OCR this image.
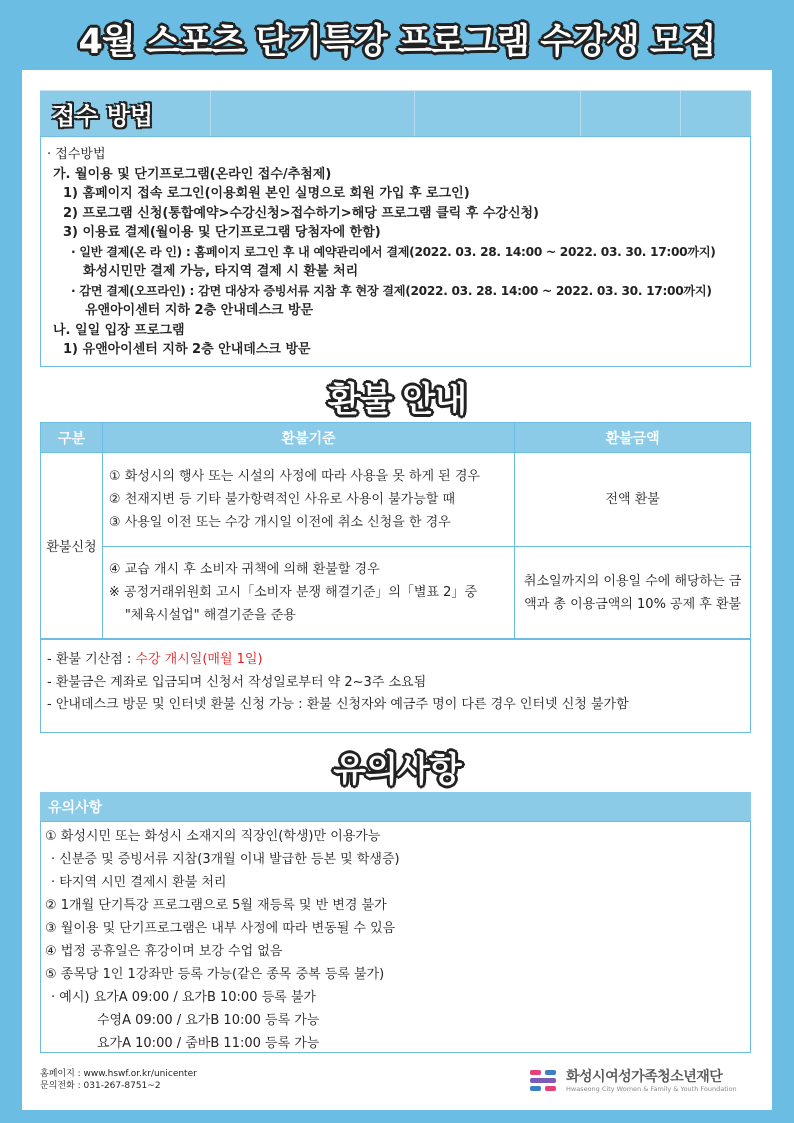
4월 스포츠 단기특강 프로그램 수강생 모집
접수 방법
· 접수방법
가. 월이용 및 단기프로그램(온라인 접수/추첨제)
1) 홈페이지 접속 로그인(이용회원 본인 실명으로 회원 가입 후 로그인)
2) 프로그램 신청(통합예약>수강신청>접수하기>해당 프로그램 클릭 후 수강신청)
3) 이용료 결제(월이용 및 단기프로그램 당첨자에 한함)
· 일반 결제(온 라 인) : 홈페이지 로그인 후 내 예약관리에서 결제(2022. 03. 28. 14:00 ~ 2022. 03. 30. 17:00까지)
화성시민만 결제 가능, 타지역 결제 시 환불 처리
· 감면 결제(오프라인) : 감면 대상자 증빙서류 지참 후 현장 결제(2022. 03. 28. 14:00 ~ 2022. 03. 30. 17:00까지)
유앤아이센터 지하 2층 안내데스크 방문
나. 일일 입장 프로그램
1) 유앤아이센터 지하 2층 안내데스크 방문
환불 안내
구분	환불기준	환불금액
환불신청	① 화성시의 행사 또는 시설의 사정에 따라 사용을 못 하게 된 경우
② 천재지변 등 기타 불가항력적인 사유로 사용이 불가능할 때
③ 사용일 이전 또는 수강 개시일 이전에 취소 신청을 한 경우	전액 환불

	④ 교습 개시 후 소비자 귀책에 의해 환불할 경우
※ 공정거래위원회 고시「소비자 분쟁 해결기준」의「별표 2」중
"체육시설업" 해결기준을 준용	취소일까지의 이용일 수에 해당하는 금액과 총 이용금액의 10% 공제 후 환불
- 환불 기산점 : 수강 개시일(매월 1일)
- 환불금은 계좌로 입금되며 신청서 작성일로부터 약 2~3주 소요됨
- 안내데스크 방문 및 인터넷 환불 신청 가능 : 환불 신청자와 예금주 명이 다른 경우 인터넷 신청 불가함
유의사항
유의사항
① 화성시민 또는 화성시 소재지의 직장인(학생)만 이용가능
· 신분증 및 증빙서류 지참(3개월 이내 발급한 등본 및 학생증)
· 타지역 시민 결제시 환불 처리
② 1개월 단기특강 프로그램으로 5월 재등록 및 반 변경 불가
③ 월이용 및 단기프로그램은 내부 사정에 따라 변동될 수 있음
④ 법정 공휴일은 휴강이며 보강 수업 없음
⑤ 종목당 1인 1강좌만 등록 가능(같은 종목 중복 등록 불가)
· 예시) 요가A 09:00 / 요가B 10:00 등록 불가
수영A 09:00 / 요가B 10:00 등록 가능
요가A 10:00 / 줌바B 11:00 등록 가능
홈페이지 : www.hswf.or.kr/unicenter
문의전화 : 031-267-8751~2
화성시여성가족청소년재단
Hwaseong City Women & Family & Youth Foundation
